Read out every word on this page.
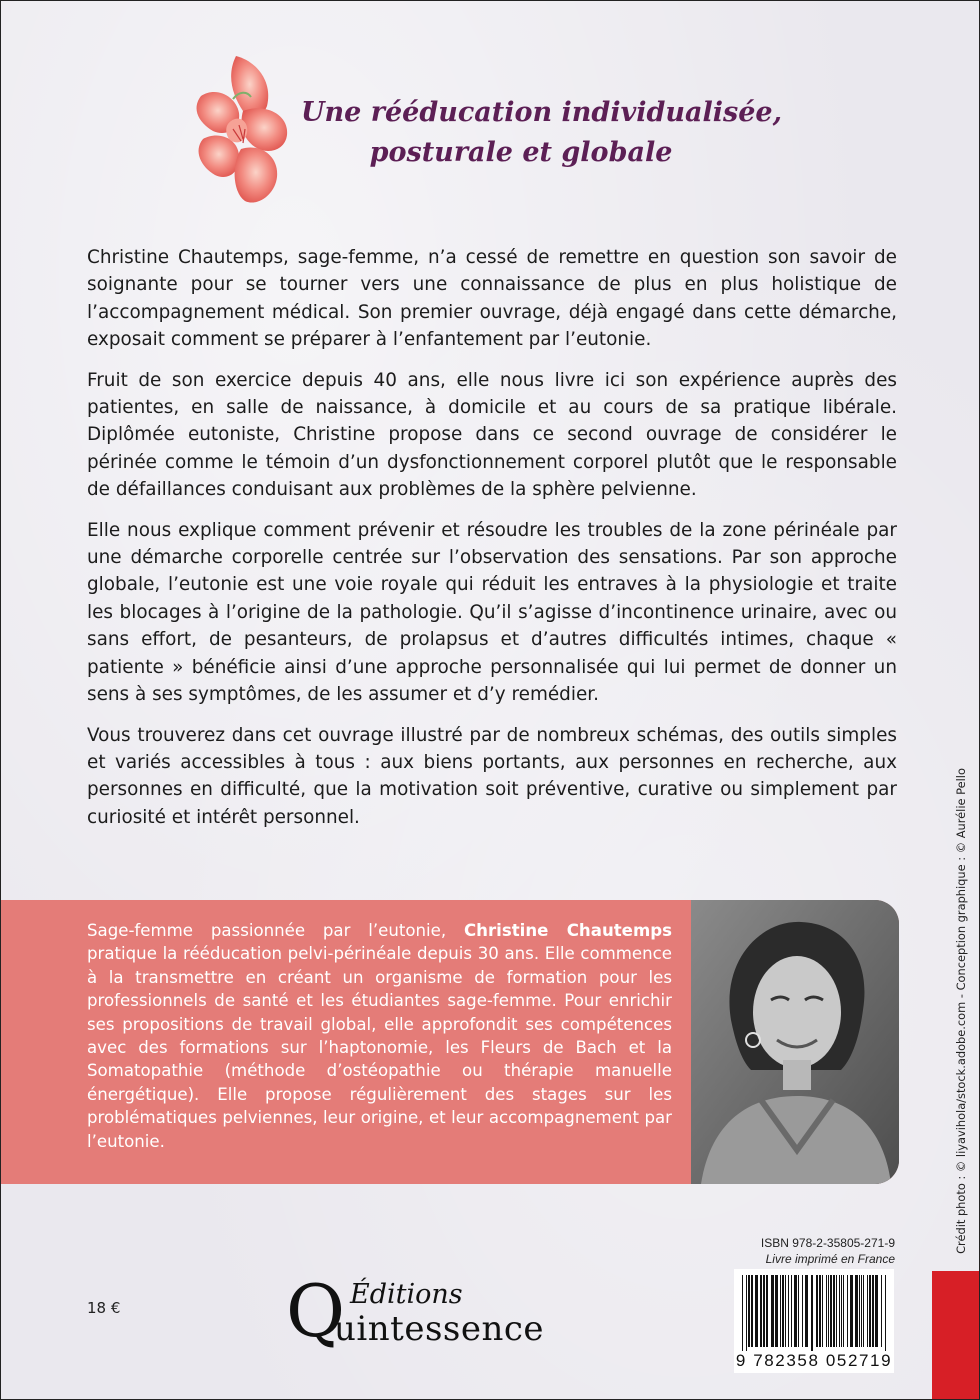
Une rééducation individualisée,
posturale et globale

Christine Chautemps, sage-femme, n’a cessé de remettre en question son savoir de soignante pour se tourner vers une connaissance de plus en plus holistique de l’accompagnement médical. Son premier ouvrage, déjà engagé dans cette démarche, exposait comment se préparer à l’enfantement par l’eutonie.

Fruit de son exercice depuis 40 ans, elle nous livre ici son expérience auprès des patientes, en salle de naissance, à domicile et au cours de sa pratique libérale. Diplômée eutoniste, Christine propose dans ce second ouvrage de considérer le périnée comme le témoin d’un dysfonctionnement corporel plutôt que le responsable de défaillances conduisant aux problèmes de la sphère pelvienne.

Elle nous explique comment prévenir et résoudre les troubles de la zone périnéale par une démarche corporelle centrée sur l’observation des sensations. Par son approche globale, l’eutonie est une voie royale qui réduit les entraves à la physiologie et traite les blocages à l’origine de la pathologie. Qu’il s’agisse d’incontinence urinaire, avec ou sans effort, de pesanteurs, de prolapsus et d’autres difficultés intimes, chaque « patiente » bénéficie ainsi d’une approche personnalisée qui lui permet de donner un sens à ses symptômes, de les assumer et d’y remédier.

Vous trouverez dans cet ouvrage illustré par de nombreux schémas, des outils simples et variés accessibles à tous : aux biens portants, aux personnes en recherche, aux personnes en difficulté, que la motivation soit préventive, curative ou simplement par curiosité et intérêt personnel.

Sage-femme passionnée par l’eutonie, Christine Chautemps pratique la rééducation pelvi-périnéale depuis 30 ans. Elle commence à la transmettre en créant un organisme de formation pour les professionnels de santé et les étudiantes sage-femme. Pour enrichir ses propositions de travail global, elle approfondit ses compétences avec des formations sur l’haptonomie, les Fleurs de Bach et la Somatopathie (méthode d’ostéopathie ou thérapie manuelle énergétique). Elle propose régulièrement des stages sur les problématiques pelviennes, leur origine, et leur accompagnement par l’eutonie.	Crédit photo : © liyavihola/stock.adobe.com - Conception graphique : © Aurélie Pello
18 € Q Éditions
uintessence
ISBN 978-2-35805-271-9
Livre imprimé en France
9 782358 052719
